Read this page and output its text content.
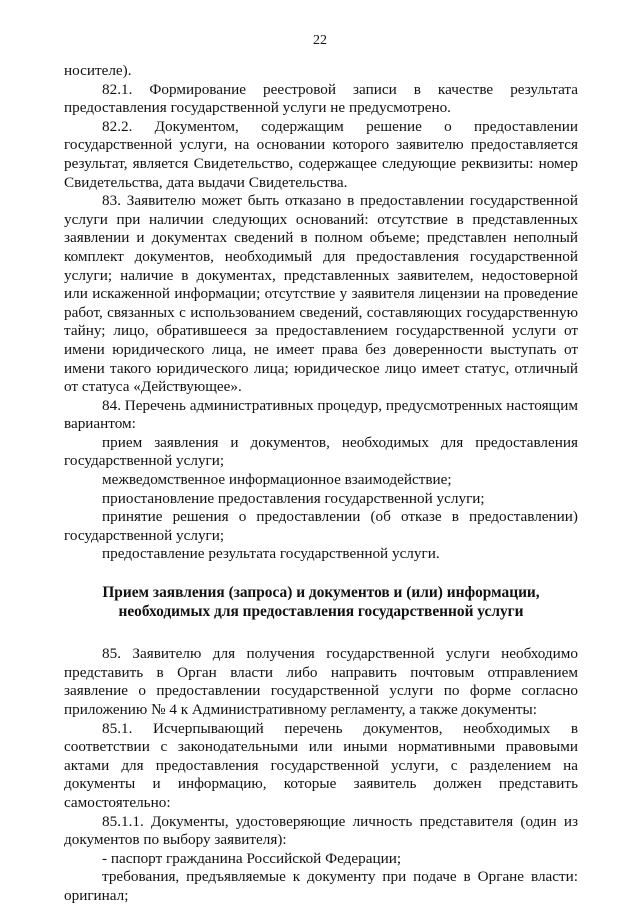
22

носителе).

82.1. Формирование реестровой записи в качестве результата предоставления государственной услуги не предусмотрено.

82.2. Документом, содержащим решение о предоставлении государственной услуги, на основании которого заявителю предоставляется результат, является Свидетельство, содержащее следующие реквизиты: номер Свидетельства, дата выдачи Свидетельства.

83. Заявителю может быть отказано в предоставлении государственной услуги при наличии следующих оснований: отсутствие в представленных заявлении и документах сведений в полном объеме; представлен неполный комплект документов, необходимый для предоставления государственной услуги; наличие в документах, представленных заявителем, недостоверной или искаженной информации; отсутствие у заявителя лицензии на проведение работ, связанных с использованием сведений, составляющих государственную тайну; лицо, обратившееся за предоставлением государственной услуги от имени юридического лица, не имеет права без доверенности выступать от имени такого юридического лица; юридическое лицо имеет статус, отличный от статуса «Действующее».

84. Перечень административных процедур, предусмотренных настоящим вариантом:

прием заявления и документов, необходимых для предоставления государственной услуги;

межведомственное информационное взаимодействие;

приостановление предоставления государственной услуги;

принятие решения о предоставлении (об отказе в предоставлении) государственной услуги;

предоставление результата государственной услуги.

Прием заявления (запроса) и документов и (или) информации,
необходимых для предоставления государственной услуги

85. Заявителю для получения государственной услуги необходимо представить в Орган власти либо направить почтовым отправлением заявление о предоставлении государственной услуги по форме согласно приложению № 4 к Административному регламенту, а также документы:

85.1. Исчерпывающий перечень документов, необходимых в соответствии с законодательными или иными нормативными правовыми актами для предоставления государственной услуги, с разделением на документы и информацию, которые заявитель должен представить самостоятельно:

85.1.1. Документы, удостоверяющие личность представителя (один из документов по выбору заявителя):

- паспорт гражданина Российской Федерации;

требования, предъявляемые к документу при подаче в Органе власти: оригинал;
